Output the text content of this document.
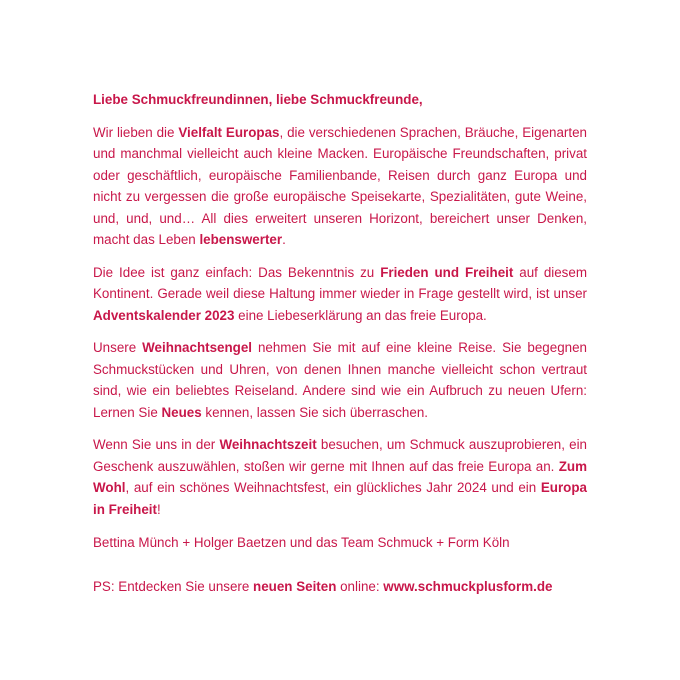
Liebe Schmuckfreundinnen, liebe Schmuckfreunde,

Wir lieben die Vielfalt Europas, die verschiedenen Sprachen, Bräuche, Eigenarten und manchmal vielleicht auch kleine Macken. Europäische Freundschaften, privat oder geschäftlich, europäische Familienbande, Reisen durch ganz Europa und nicht zu vergessen die große europäische Speisekarte, Spezialitäten, gute Weine, und, und, und… All dies erweitert unseren Horizont, bereichert unser Denken, macht das Leben lebenswerter.

Die Idee ist ganz einfach: Das Bekenntnis zu Frieden und Freiheit auf diesem Kontinent. Gerade weil diese Haltung immer wieder in Frage gestellt wird, ist unser Adventskalender 2023 eine Liebeserklärung an das freie Europa.

Unsere Weihnachtsengel nehmen Sie mit auf eine kleine Reise. Sie begegnen Schmuckstücken und Uhren, von denen Ihnen manche vielleicht schon vertraut sind, wie ein beliebtes Reiseland. Andere sind wie ein Aufbruch zu neuen Ufern: Lernen Sie Neues kennen, lassen Sie sich überraschen.

Wenn Sie uns in der Weihnachtszeit besuchen, um Schmuck auszuprobieren, ein Geschenk auszuwählen, stoßen wir gerne mit Ihnen auf das freie Europa an. Zum Wohl, auf ein schönes Weihnachtsfest, ein glückliches Jahr 2024 und ein Europa in Freiheit!

Bettina Münch + Holger Baetzen und das Team Schmuck + Form Köln

PS: Entdecken Sie unsere neuen Seiten online: www.schmuckplusform.de
